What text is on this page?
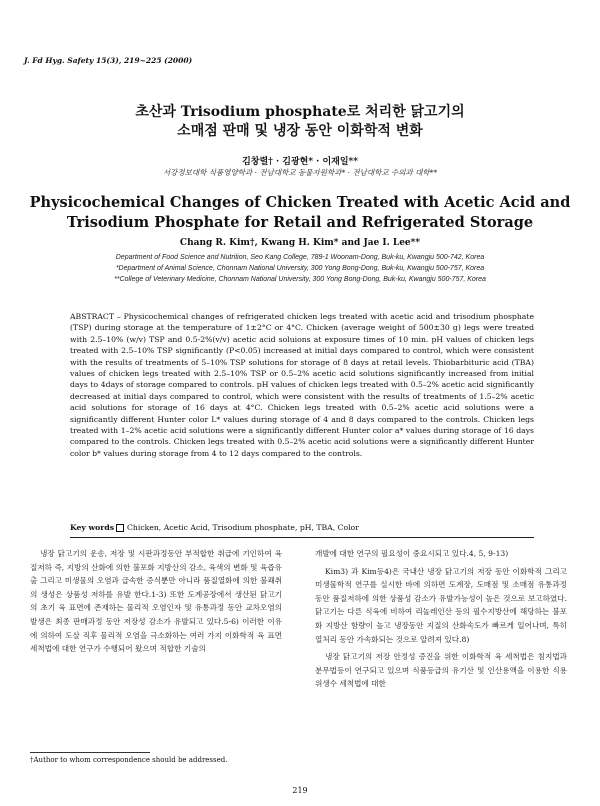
J. Fd Hyg. Safety 15(3), 219~225 (2000)
초산과 Trisodium phosphate로 처리한 닭고기의
소매점 판매 및 냉장 동안 이화학적 변화
김창렬† · 김광현* · 이재일**
서강정보대학 식품영양학과 · 전남대학교 동물자원학과* · 전남대학교 수의과 대학**
Physicochemical Changes of Chicken Treated with Acetic Acid and
Trisodium Phosphate for Retail and Refrigerated Storage
Chang R. Kim†, Kwang H. Kim* and Jae I. Lee**
Department of Food Science and Nutrition, Seo Kang College, 789-1 Woonam-Dong, Buk-ku, Kwangju 500-742, Korea
*Department of Animal Science, Chonnam National University, 300 Yong Bong-Dong, Buk-ku, Kwangju 500-757, Korea
**College of Veterinary Medicine, Chonnam National University, 300 Yong Bong-Dong, Buk-ku, Kwangju 500-757, Korea
ABSTRACT – Physicochemical changes of refrigerated chicken legs treated with acetic acid and trisodium phosphate (TSP) during storage at the temperature of 1±2°C or 4°C. Chicken (average weight of 500±30 g) legs were treated with 2.5–10% (w/v) TSP and 0.5-2%(v/v) acetic acid soluions at exposure times of 10 min. pH values of chicken legs treated with 2.5–10% TSP significantly (P<0.05) increased at initial days compared to control, which were consistent with the results of treatments of 5–10% TSP solutions for storage of 8 days at retail levels. Thiobarbituric acid (TBA) values of chicken legs treated with 2.5–10% TSP or 0.5–2% acetic acid solutions significantly increased from initial days to 4days of storage compared to controls. pH values of chicken legs treated with 0.5–2% acetic acid significantly decreased at initial days compared to control, which were consistent with the results of treatments of 1.5–2% acetic acid solutions for storage of 16 days at 4°C. Chicken legs treated with 0.5–2% acetic acid solutions were a significantly different Hunter color L* values during storage of 4 and 8 days compared to the controls. Chicken legs treated with 1–2% acetic acid solutions were a significantly different Hunter color a* values during storage of 16 days compared to the controls. Chicken legs treated with 0.5–2% acetic acid solutions were a significantly different Hunter color b* values during storage from 4 to 12 days compared to the controls.
Key words Chicken, Acetic Acid, Trisodium phosphate, pH, TBA, Color

냉장 닭고기의 운송, 저장 및 시판과정동안 부적합한 취급에 기인하여 육질저하 즉, 지방의 산화에 의한 불포화 지방산의 감소, 육색의 변화 및 육즙유출 그리고 미생물의 오염과 급속한 증식뿐만 아니라 품질열화에 의한 불쾌취의 생성은 상품성 저하를 유발 한다.1-3) 또한 도계공장에서 생산된 닭고기의 초기 육 표면에 존재하는 물리적 오염인자 및 유통과정 동안 교차오염의 발생은 최종 판매과정 동안 저장성 감소가 유발되고 있다.5-6) 이러한 이유에 의하여 도살 직후 물리적 오염을 극소화하는 여러 가지 이화학적 육 표면 세척법에 대한 연구가 수행되어 왔으며 적합한 기술의

개발에 대한 연구의 필요성이 중요시되고 있다.4, 5, 9-13)

Kim3) 과 Kim등4)은 국내산 냉장 닭고기의 저장 동안 이화학적 그리고 미생물학적 연구를 실시한 바에 의하면 도계장, 도매점 및 소매점 유통과정 동안 품질저하에 의한 상품성 감소가 유발가능성이 높은 것으로 보고하였다. 닭고기는 다른 식육에 비하여 리놀레인산 등의 필수지방산에 해당하는 불포화 지방산 함량이 높고 냉장동안 지질의 산화속도가 빠르게 일어나며, 특히 열처리 동안 가속화되는 것으로 알려져 있다.8)

냉장 닭고기의 저장 안정성 증진을 위한 이화학적 육 세척법은 침지법과 분무법등이 연구되고 있으며 식품등급의 유기산 및 인산용액을 이용한 식용 위생수 세척법에 대한

†Author to whom correspondence should be addressed.
219
